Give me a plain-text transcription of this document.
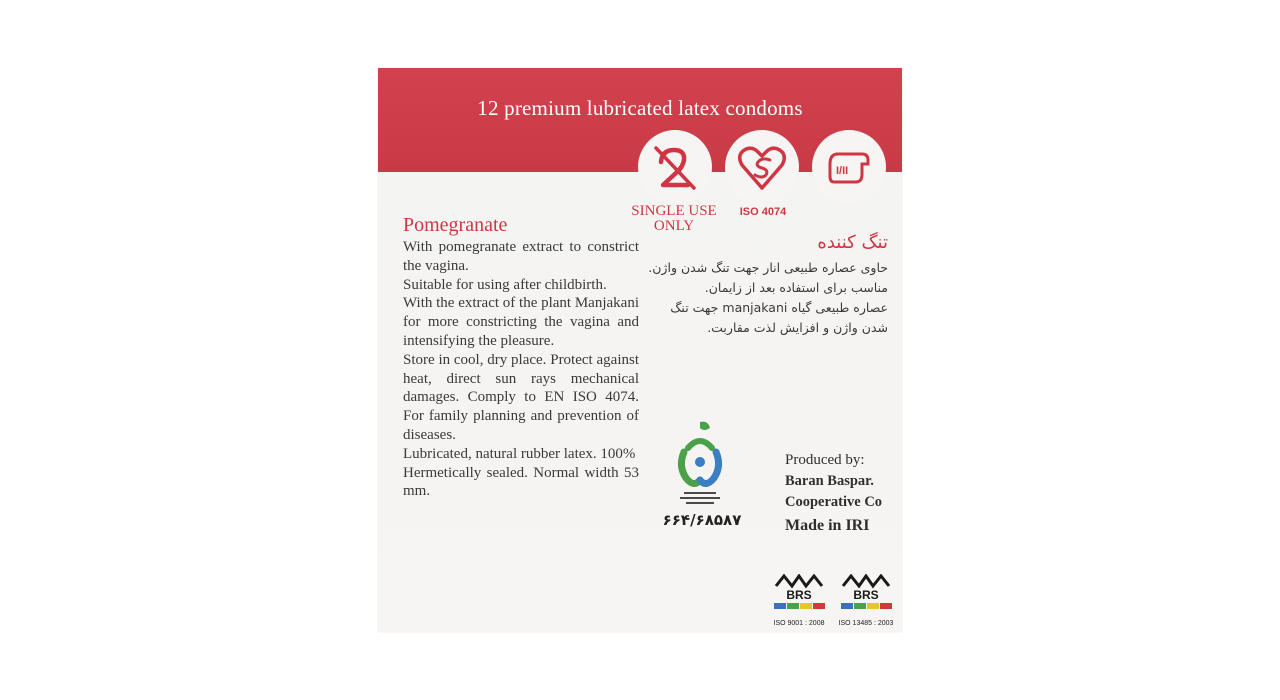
12 premium lubricated latex condoms
I/II
SINGLE USE ONLY
ISO 4074
Pomegranate

With pomegranate extract to constrict the vagina.

Suitable for using after childbirth.

With the extract of the plant Manjakani for more constricting the vagina and intensifying the pleasure.

Store in cool, dry place. Protect against heat, direct sun rays mechanical damages. Comply to EN ISO 4074. For family planning and prevention of diseases.

Lubricated, natural rubber latex. 100%

Hermetically sealed. Normal width 53 mm.

تنگ کننده

حاوی عصاره طبیعی انار جهت تنگ شدن واژن.

مناسب برای استفاده بعد از زایمان.

عصاره طبیعی گیاه manjakani جهت تنگ شدن واژن و افزایش لذت مقاربت.

۶۶۴/۶۸۵۸۷
Produced by:
Baran Baspar.
Cooperative Co
Made in IRI
BRS
ISO 9001 : 2008
BRS
ISO 13485 : 2003
